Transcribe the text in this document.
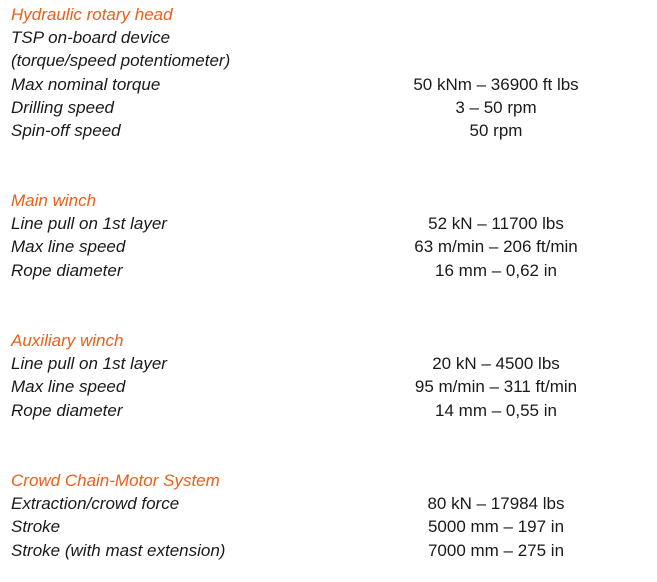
Hydraulic rotary head
TSP on-board device
(torque/speed potentiometer)
Max nominal torque	50 kNm – 36900 ft lbs
Drilling speed	3 – 50 rpm
Spin-off speed	50 rpm
Main winch
Line pull on 1st layer	52 kN – 11700 lbs
Max line speed	63 m/min – 206 ft/min
Rope diameter	16 mm – 0,62 in
Auxiliary winch
Line pull on 1st layer	20 kN – 4500 lbs
Max line speed	95 m/min – 311 ft/min
Rope diameter	14 mm – 0,55 in
Crowd Chain-Motor System
Extraction/crowd force	80 kN – 17984 lbs
Stroke	5000 mm – 197 in
Stroke (with mast extension)	7000 mm – 275 in
